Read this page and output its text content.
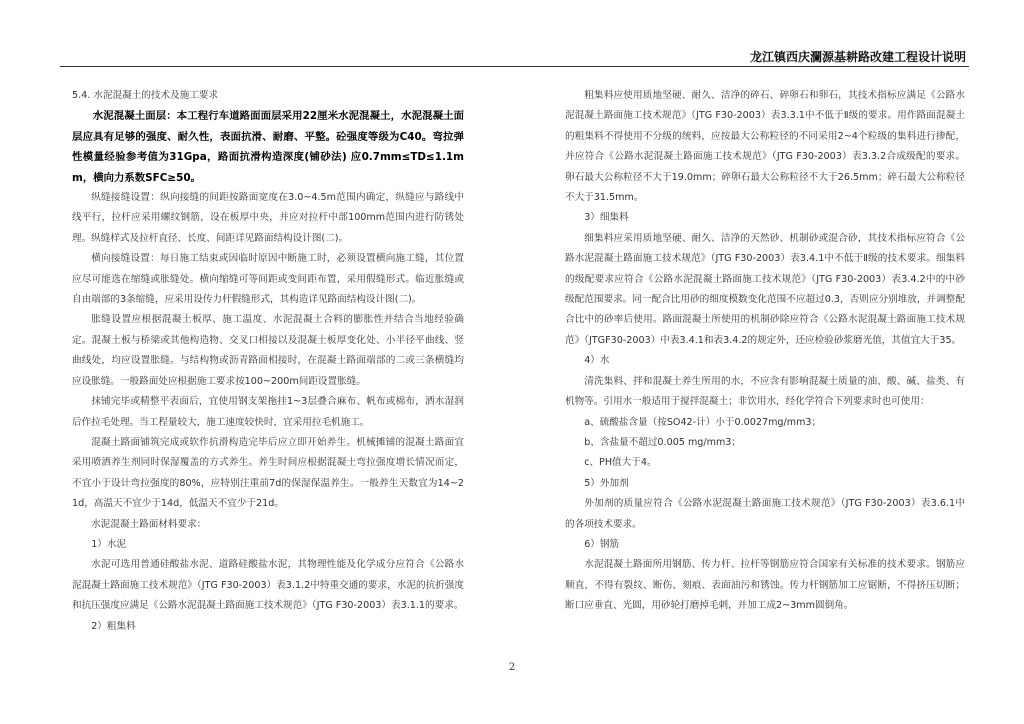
龙江镇西庆瀾源基耕路改建工程设计说明

5.4. 水泥混凝土的技术及施工要求

水泥混凝土面层：本工程行车道路面面层采用22厘米水泥混凝土，水泥混凝土面层应具有足够的强度、耐久性，表面抗滑、耐磨、平整。砼强度等级为C40。弯拉弹性模量经验参考值为31Gpa，路面抗滑构造深度(铺砂法) 应0.7mm≤TD≤1.1mm，横向力系数SFC≥50。

纵缝接缝设置：纵向接缝的间距按路面宽度在3.0~4.5m范围内确定，纵缝应与路线中线平行，拉杆应采用螺纹钢筋，设在板厚中央，并应对拉杆中部100mm范围内进行防锈处理。纵缝样式及拉杆直径、长度、间距详见路面结构设计图(二)。

横向接缝设置：每日施工结束或因临时原因中断施工时，必须设置横向施工缝，其位置应尽可能选在缩缝或胀缝处。横向缩缝可等间距或变间距布置，采用假缝形式。临近胀缝或自由端部的3条缩缝，应采用设传力杆假缝形式，其构造详见路面结构设计图(二)。

胀缝设置应根据混凝土板厚、施工温度、水泥混凝土合料的膨胀性并结合当地经验确定。混凝土板与桥梁或其他构造物、交叉口相接以及混凝土板厚变化处、小半径平曲线、竖曲线处，均应设置胀缝。与结构物或沥青路面相接时，在混凝土路面端部的二或三条横缝均应设胀缝。一般路面处应根据施工要求按100~200m间距设置胀缝。

抹铺完毕或精整平表面后，宜使用钢支架拖挂1~3层叠合麻布、帆布或棉布，洒水湿润后作拉毛处理。当工程量较大，施工速度较快时，宜采用拉毛机施工。

混凝土路面铺筑完成或软作抗滑构造完毕后应立即开始养生。机械摊铺的混凝土路面宜采用喷洒养生剂同时保湿覆盖的方式养生。养生时间应根据混凝土弯拉强度增长情况而定，不宜小于设计弯拉强度的80%，应特别注重前7d的保湿保温养生。一般养生天数宜为14~21d，高温天不宜少于14d，低温天不宜少于21d。

水泥混凝土路面材料要求：

1）水泥

水泥可选用普通硅酸盐水泥、道路硅酸盐水泥，其物理性能及化学成分应符合《公路水泥混凝土路面施工技术规范》（JTG F30-2003）表3.1.2中特重交通的要求，水泥的抗折强度和抗压强度应满足《公路水泥混凝土路面施工技术规范》（JTG F30-2003）表3.1.1的要求。

2）粗集料

粗集料应使用质地坚硬、耐久、洁净的碎石、碎卵石和卵石，其技术指标应满足《公路水泥混凝土路面施工技术规范》（JTG F30-2003）表3.3.1中不低于Ⅱ级的要求。用作路面混凝土的粗集料不得使用不分级的统料，应按最大公称粒径的不同采用2~4个粒级的集料进行掺配，并应符合《公路水泥混凝土路面施工技术规范》（JTG F30-2003）表3.3.2合成级配的要求。卵石最大公称粒径不大于19.0mm；碎卵石最大公称粒径不大于26.5mm；碎石最大公称粒径不大于31.5mm。

3）细集料

细集料应采用质地坚硬、耐久、洁净的天然砂、机制砂或混合砂，其技术指标应符合《公路水泥混凝土路面施工技术规范》（JTG F30-2003）表3.4.1中不低于Ⅱ级的技术要求。细集料的级配要求应符合《公路水泥混凝土路面施工技术规范》（JTG F30-2003）表3.4.2中的中砂级配范围要求。同一配合比用砂的细度模数变化范围不应超过0.3，否则应分别堆放，并调整配合比中的砂率后使用。路面混凝土所使用的机制砂除应符合《公路水泥混凝土路面施工技术规范》（JTGF30-2003）中表3.4.1和表3.4.2的规定外，还应检验砂浆磨光值，其值宜大于35。

4）水

清洗集料、拌和混凝土养生所用的水，不应含有影响混凝土质量的油、酸、碱、盐类、有机物等。引用水一般适用于搅拌混凝土；非饮用水，经化学符合下列要求时也可使用：

a、硫酸盐含量（按SO42-计）小于0.0027mg/mm3；

b、含盐量不超过0.005 mg/mm3；

c、PH值大于4。

5）外加剂

外加剂的质量应符合《公路水泥混凝土路面施工技术规范》（JTG F30-2003）表3.6.1中的各项技术要求。

6）钢筋

水泥混凝土路面所用钢筋、传力杆、拉杆等钢筋应符合国家有关标准的技术要求。钢筋应顺直，不得有裂纹、断伤、刻痕、表面油污和锈蚀。传力杆钢筋加工应锯断，不得挤压切断；断口应垂直、光圆，用砂轮打磨掉毛刺，并加工成2~3mm圆倒角。

2
